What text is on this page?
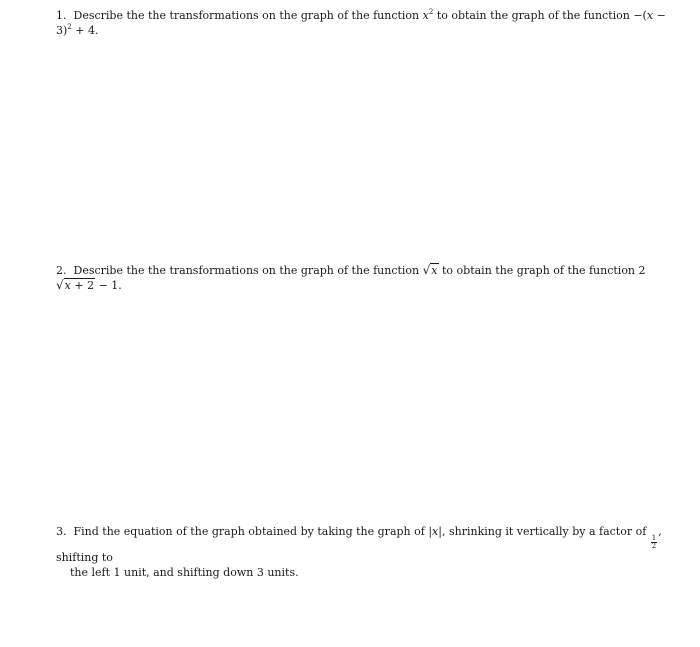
1. Describe the the transformations on the graph of the function $x^2$ to obtain the graph of the function $-(x - 3)^2 + 4$.
2. Describe the the transformations on the graph of the function √x to obtain the graph of the function 2√x + 2 − 1.
3. Find the equation of the graph obtained by taking the graph of |x|, shrinking it vertically by a factor of
$\frac{1}{2}$
, shifting to
the left 1 unit, and shifting down 3 units.
